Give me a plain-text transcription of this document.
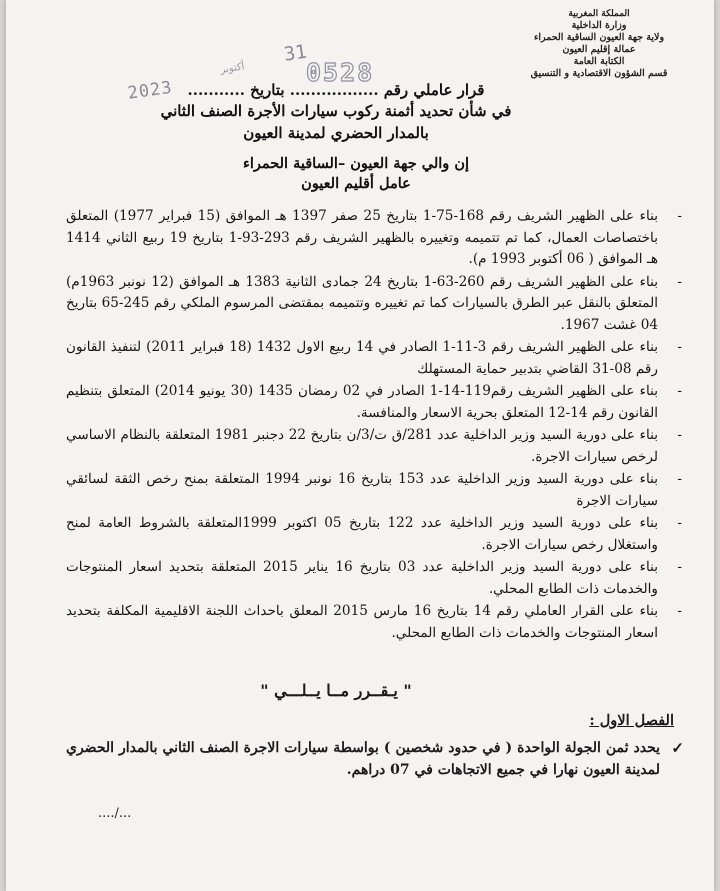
المملكة المغربية
وزارة الداخلية
ولاية جهة العيون الساقية الحمراء
عمالة إقليم العيون
الكتابة العامة
قسم الشؤون الاقتصادية و التنسيق
2023
أكتوبر
31
0528
قرار عاملي رقم ................. بتاريخ ...........
في شأن تحديد أثمنة ركوب سيارات الأجرة الصنف الثاني
بالمدار الحضري لمدينة العيون
إن والي جهة العيون –الساقية الحمراء
عامل أقليم العيون
-
بناء على الظهير الشريف رقم 168-75-1 بتاريخ 25 صفر 1397 هـ الموافق (15 فبراير 1977) المتعلق باختصاصات العمال، كما تم تتميمه وتغييره بالظهير الشريف رقم 293-93-1 بتاريخ 19 ربيع الثاني 1414 هـ الموافق ( 06 أكتوبر 1993 م).
-
بناء على الظهير الشريف رقم 260-63-1 بتاريخ 24 جمادى الثانية 1383 هـ الموافق (12 نونبر 1963م) المتعلق بالنقل عبر الطرق بالسيارات كما تم تغييره وتتميمه بمقتضى المرسوم الملكي رقم 245-65 بتاريخ 04 غشت 1967.
-
بناء على الظهير الشريف رقم 3-11-1 الصادر في 14 ربيع الاول 1432 (18 فبراير 2011) لتنفيذ القانون رقم 08-31 القاضي بتدبير حماية المستهلك
-
بناء على الظهير الشريف رقم119-14-1 الصادر في 02 رمضان 1435 (30 يونيو 2014) المتعلق بتنظيم القانون رقم 14-12 المتعلق بحرية الاسعار والمنافسة.
-
بناء على دورية السيد وزير الداخلية عدد 281/ق ت/3/ن بتاريخ 22 دجنبر 1981 المتعلقة بالنظام الاساسي لرخص سيارات الاجرة.
-
بناء على دورية السيد وزير الداخلية عدد 153 بتاريخ 16 نونبر 1994 المتعلقة بمنح رخص الثقة لسائقي سيارات الاجرة
-
بناء على دورية السيد وزير الداخلية عدد 122 بتاريخ 05 اكتوبر 1999المتعلقة بالشروط العامة لمنح واستغلال رخص سيارات الاجرة.
-
بناء على دورية السيد وزير الداخلية عدد 03 بتاريخ 16 يناير 2015 المتعلقة بتحديد اسعار المنتوجات والخدمات ذات الطابع المحلي.
-
بناء على القرار العاملي رقم 14 بتاريخ 16 مارس 2015 المعلق باحداث اللجنة الاقليمية المكلفة بتحديد اسعار المنتوجات والخدمات ذات الطابع المحلي.
" يـقــرر مــا يــلـــي "
الفصل الاول :
✓
يحدد ثمن الجولة الواحدة ( في حدود شخصين ) بواسطة سيارات الاجرة الصنف الثاني بالمدار الحضري لمدينة العيون نهارا في جميع الاتجاهات في 07 دراهم.
..../...
